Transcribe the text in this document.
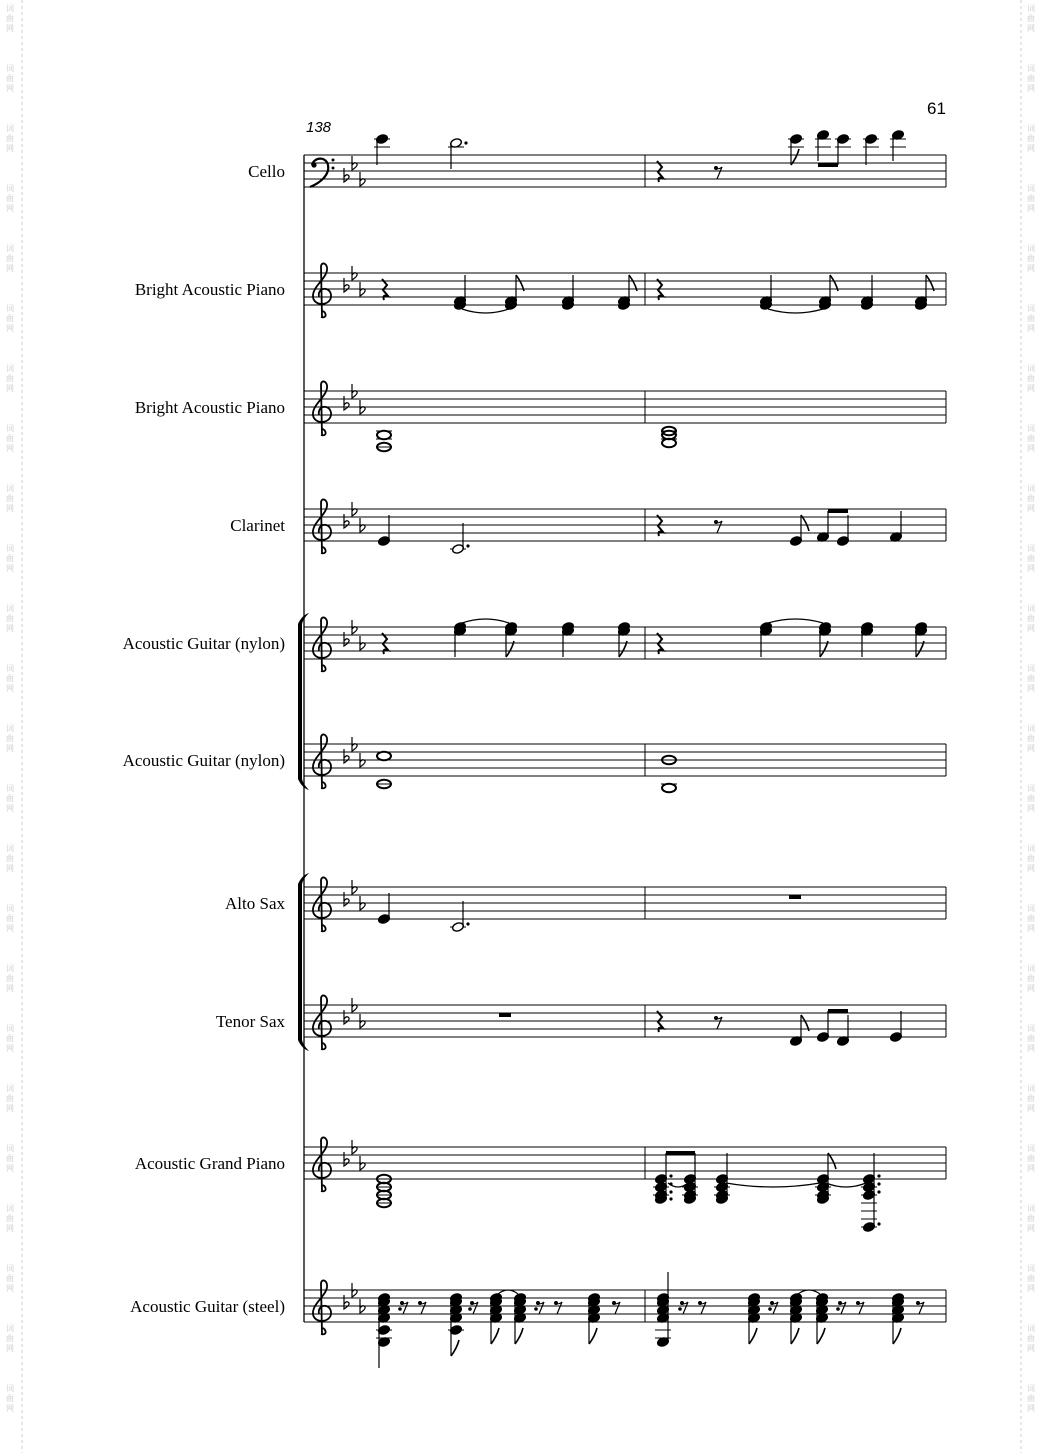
61
138
Cello
Bright Acoustic Piano
Bright Acoustic Piano
Clarinet
Acoustic Guitar (nylon)
Acoustic Guitar (nylon)
Alto Sax
Tenor Sax
Acoustic Grand Piano
Acoustic Guitar (steel)
词
曲
网
词
曲
网
词
曲
网
词
曲
网
词
曲
网
词
曲
网
词
曲
网
词
曲
网
词
曲
网
词
曲
网
词
曲
网
词
曲
网
词
曲
网
词
曲
网
词
曲
网
词
曲
网
词
曲
网
词
曲
网
词
曲
网
词
曲
网
词
曲
网
词
曲
网
词
曲
网
词
曲
网
词
曲
网
词
曲
网
词
曲
网
词
曲
网
词
曲
网
词
曲
网
词
曲
网
词
曲
网
词
曲
网
词
曲
网
词
曲
网
词
曲
网
词
曲
网
词
曲
网
词
曲
网
词
曲
网
词
曲
网
词
曲
网
词
曲
网
词
曲
网
词
曲
网
词
曲
网
词
曲
网
词
曲
网
